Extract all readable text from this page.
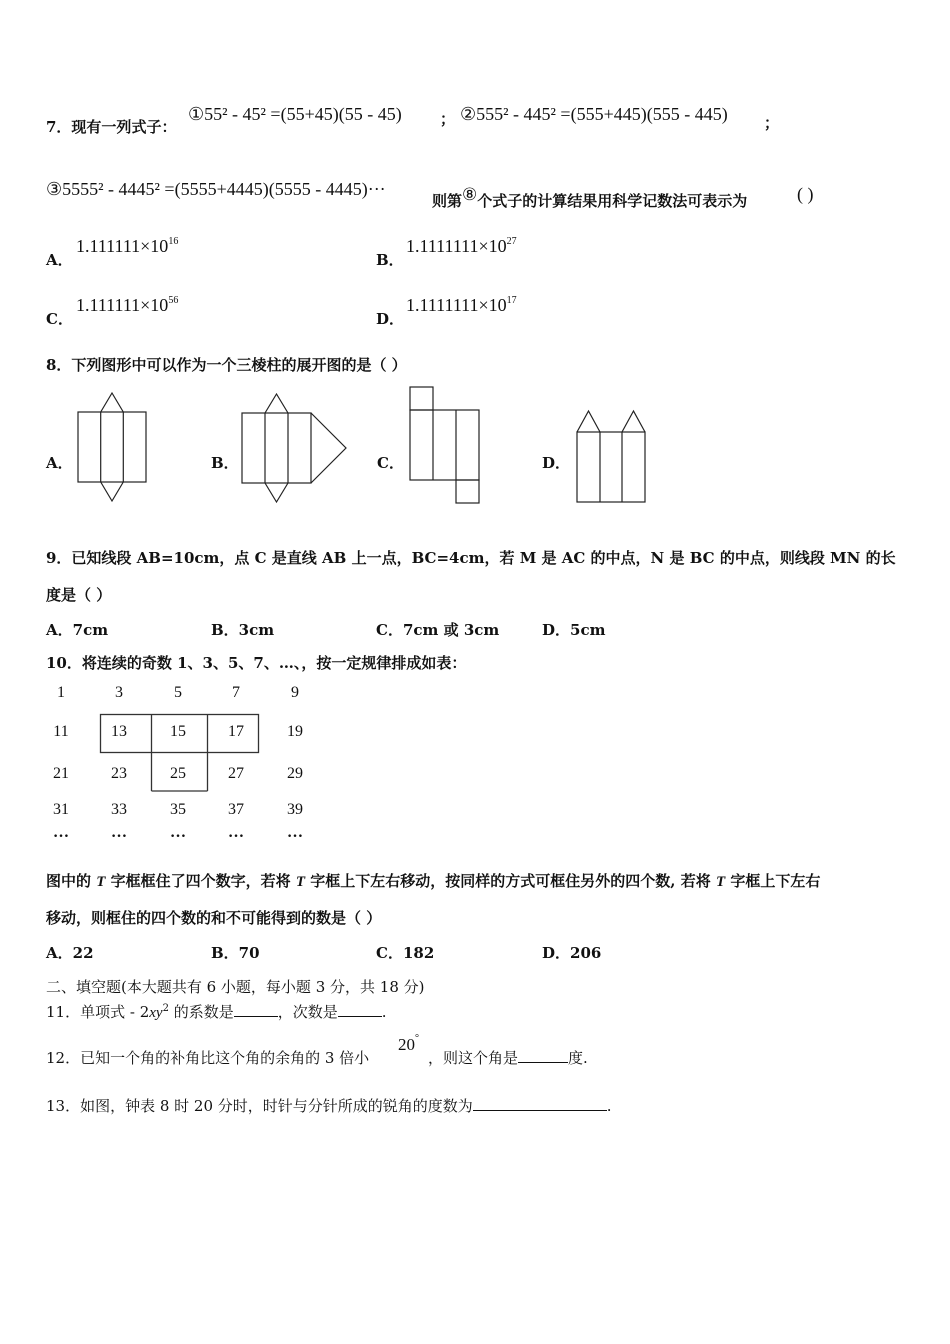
7．现有一列式子：
①55² - 45² =(55+45)(55 - 45)	； ②555² - 445² =(555+445)(555 - 445) ；
③5555² - 4445² =(5555+4445)(5555 - 4445)···
则第⑧个式子的计算结果用科学记数法可表示为	( )
A．
$1.111111\times 10^{16}$
B．
$1.1111111\times 10^{27}$
C．
$1.111111\times 10^{56}$
D．
$1.1111111\times 10^{17}$
8．下列图形中可以作为一个三棱柱的展开图的是（ ）
A．	B．	C．	D．
9．已知线段 AB=10cm，点 C 是直线 AB 上一点，BC=4cm，若 M 是 AC 的中点，N 是 BC 的中点，则线段 MN 的长
度是（ ）
A．7cm	B．3cm	C．7cm 或 3cm	D．5cm
10．将连续的奇数 1、3、5、7、…、，按一定规律排成如表：
1	3	5	7	9
11	13	15	17	19
21	23	25	27	29
31	33	35	37	39
…	…	…	…	…
图中的 T 字框框住了四个数字，若将 T 字框上下左右移动，按同样的方式可框住另外的四个数, 若将 T 字框上下左右
移动，则框住的四个数的和不可能得到的数是（ ）
A．22	B．70	C．182	D．206
二、填空题(本大题共有 6 小题，每小题 3 分，共 18 分)
11．单项式 - $2xy^2$ 的系数是	，次数是	.
12．已知一个角的补角比这个角的余角的 3 倍小
20°
，则这个角是	度.
13．如图，钟表 8 时 20 分时，时针与分针所成的锐角的度数为	.
